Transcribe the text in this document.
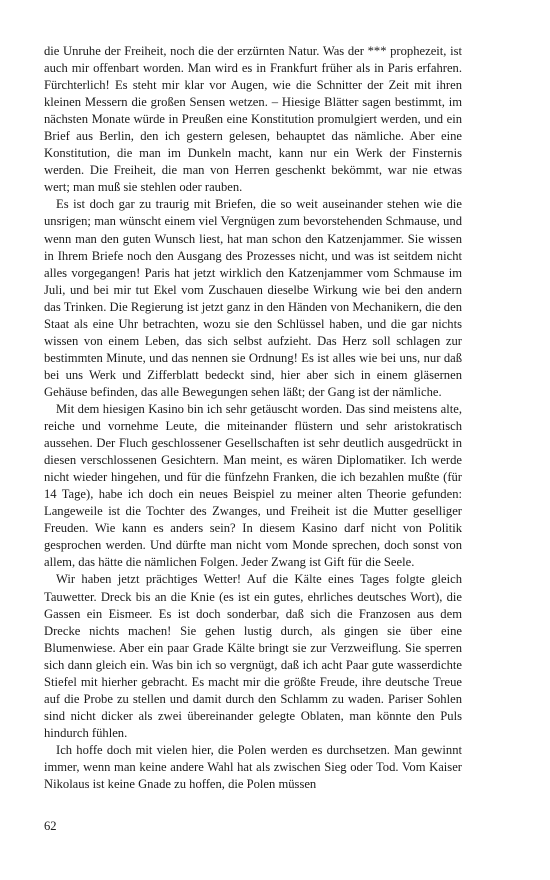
die Unruhe der Freiheit, noch die der erzürnten Natur. Was der *** prophezeit, ist auch mir offenbart worden. Man wird es in Frankfurt früher als in Paris erfahren. Fürchterlich! Es steht mir klar vor Augen, wie die Schnitter der Zeit mit ihren kleinen Messern die großen Sensen wetzen. – Hiesige Blätter sagen bestimmt, im nächsten Monate würde in Preußen eine Konstitution promulgiert werden, und ein Brief aus Berlin, den ich gestern gelesen, behauptet das nämliche. Aber eine Konstitution, die man im Dunkeln macht, kann nur ein Werk der Finsternis werden. Die Freiheit, die man von Herren geschenkt bekömmt, war nie etwas wert; man muß sie stehlen oder rauben.

Es ist doch gar zu traurig mit Briefen, die so weit auseinander stehen wie die unsrigen; man wünscht einem viel Vergnügen zum bevorstehenden Schmause, und wenn man den guten Wunsch liest, hat man schon den Katzenjammer. Sie wissen in Ihrem Briefe noch den Ausgang des Prozesses nicht, und was ist seitdem nicht alles vorgegangen! Paris hat jetzt wirklich den Katzenjammer vom Schmause im Juli, und bei mir tut Ekel vom Zuschauen dieselbe Wirkung wie bei den andern das Trinken. Die Regierung ist jetzt ganz in den Händen von Mechanikern, die den Staat als eine Uhr betrachten, wozu sie den Schlüssel haben, und die gar nichts wissen von einem Leben, das sich selbst aufzieht. Das Herz soll schlagen zur bestimmten Minute, und das nennen sie Ordnung! Es ist alles wie bei uns, nur daß bei uns Werk und Zifferblatt bedeckt sind, hier aber sich in einem gläsernen Gehäuse befinden, das alle Bewegungen sehen läßt; der Gang ist der nämliche.

Mit dem hiesigen Kasino bin ich sehr getäuscht worden. Das sind meistens alte, reiche und vornehme Leute, die miteinander flüstern und sehr aristokratisch aussehen. Der Fluch geschlossener Gesellschaften ist sehr deutlich ausgedrückt in diesen verschlossenen Gesichtern. Man meint, es wären Diplomatiker. Ich werde nicht wieder hingehen, und für die fünfzehn Franken, die ich bezahlen mußte (für 14 Tage), habe ich doch ein neues Beispiel zu meiner alten Theorie gefunden: Langeweile ist die Tochter des Zwanges, und Freiheit ist die Mutter geselliger Freuden. Wie kann es anders sein? In diesem Kasino darf nicht von Politik gesprochen werden. Und dürfte man nicht vom Monde sprechen, doch sonst von allem, das hätte die nämlichen Folgen. Jeder Zwang ist Gift für die Seele.

Wir haben jetzt prächtiges Wetter! Auf die Kälte eines Tages folgte gleich Tauwetter. Dreck bis an die Knie (es ist ein gutes, ehrliches deutsches Wort), die Gassen ein Eismeer. Es ist doch sonderbar, daß sich die Franzosen aus dem Drecke nichts machen! Sie gehen lustig durch, als gingen sie über eine Blumenwiese. Aber ein paar Grade Kälte bringt sie zur Verzweiflung. Sie sperren sich dann gleich ein. Was bin ich so vergnügt, daß ich acht Paar gute wasserdichte Stiefel mit hierher gebracht. Es macht mir die größte Freude, ihre deutsche Treue auf die Probe zu stellen und damit durch den Schlamm zu waden. Pariser Sohlen sind nicht dicker als zwei übereinander gelegte Oblaten, man könnte den Puls hindurch fühlen.

Ich hoffe doch mit vielen hier, die Polen werden es durchsetzen. Man gewinnt immer, wenn man keine andere Wahl hat als zwischen Sieg oder Tod. Vom Kaiser Nikolaus ist keine Gnade zu hoffen, die Polen müssen

62
